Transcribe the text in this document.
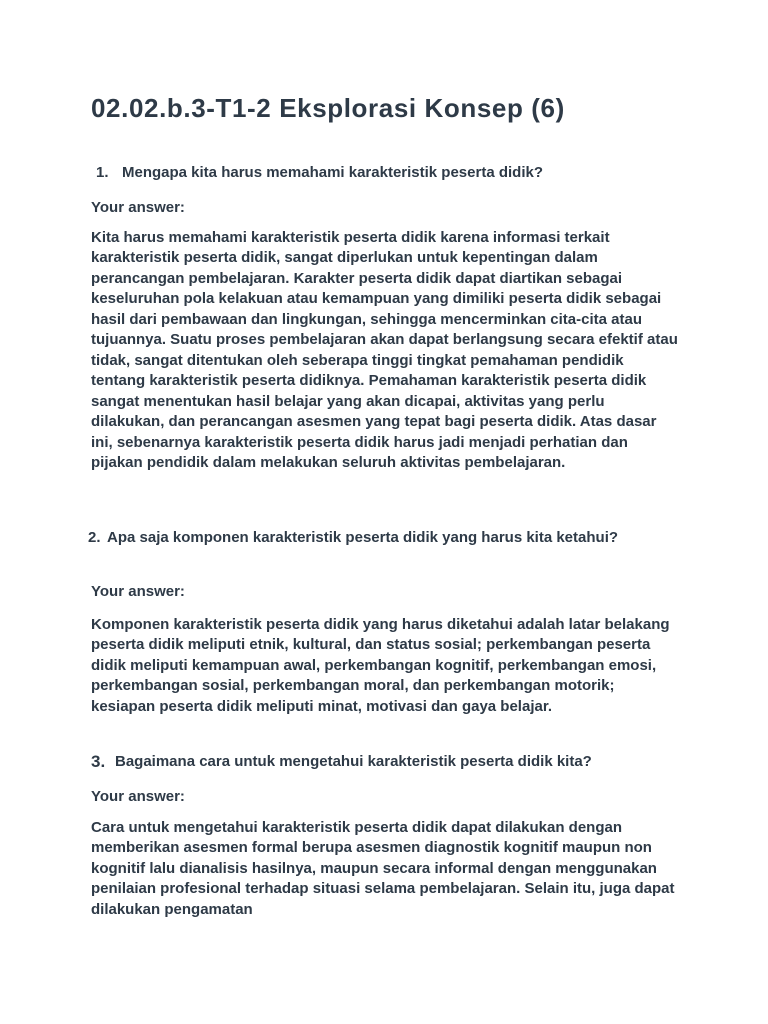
02.02.b.3-T1-2 Eksplorasi Konsep (6)
1. Mengapa kita harus memahami karakteristik peserta didik?

Your answer:

Kita harus memahami karakteristik peserta didik karena informasi terkait karakteristik peserta didik, sangat diperlukan untuk kepentingan dalam perancangan pembelajaran. Karakter peserta didik dapat diartikan sebagai keseluruhan pola kelakuan atau kemampuan yang dimiliki peserta didik sebagai hasil dari pembawaan dan lingkungan, sehingga mencerminkan cita-cita atau tujuannya. Suatu proses pembelajaran akan dapat berlangsung secara efektif atau tidak, sangat ditentukan oleh seberapa tinggi tingkat pemahaman pendidik tentang karakteristik peserta didiknya. Pemahaman karakteristik peserta didik sangat menentukan hasil belajar yang akan dicapai, aktivitas yang perlu dilakukan, dan perancangan asesmen yang tepat bagi peserta didik. Atas dasar ini, sebenarnya karakteristik peserta didik harus jadi menjadi perhatian dan pijakan pendidik dalam melakukan seluruh aktivitas pembelajaran.

2. Apa saja komponen karakteristik peserta didik yang harus kita ketahui?

Your answer:

Komponen karakteristik peserta didik yang harus diketahui adalah latar belakang peserta didik meliputi etnik, kultural, dan status sosial; perkembangan peserta didik meliputi kemampuan awal, perkembangan kognitif, perkembangan emosi, perkembangan sosial, perkembangan moral, dan perkembangan motorik; kesiapan peserta didik meliputi minat, motivasi dan gaya belajar.

3. Bagaimana cara untuk mengetahui karakteristik peserta didik kita?

Your answer:

Cara untuk mengetahui karakteristik peserta didik dapat dilakukan dengan memberikan asesmen formal berupa asesmen diagnostik kognitif maupun non kognitif lalu dianalisis hasilnya, maupun secara informal dengan menggunakan penilaian profesional terhadap situasi selama pembelajaran. Selain itu, juga dapat dilakukan pengamatan
